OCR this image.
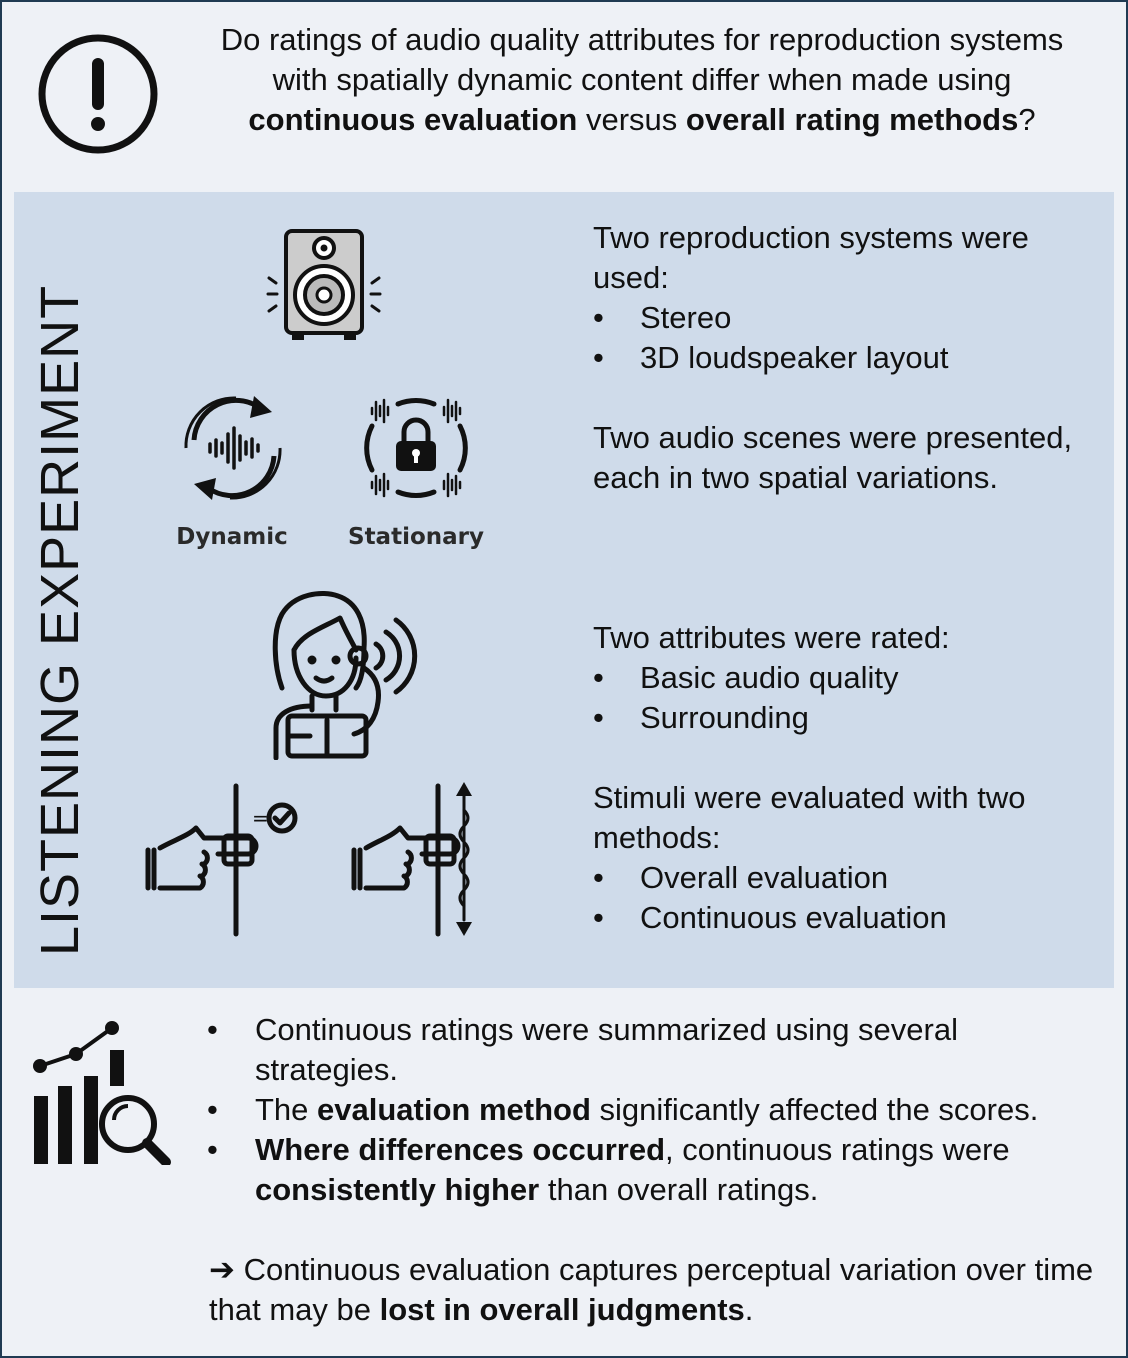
Do ratings of audio quality attributes for reproduction systems with spatially dynamic content differ when made using continuous evaluation versus overall rating methods?
Dynamic	Stationary
=
Two reproduction systems were used:
• Stereo
• 3D loudspeaker layout
Two audio scenes were presented, each in two spatial variations.
Two attributes were rated:
• Basic audio quality
• Surrounding
Stimuli were evaluated with two methods:
• Overall evaluation
• Continuous evaluation
LISTENING EXPERIMENT
• Continuous ratings were summarized using several strategies.
• The evaluation method significantly affected the scores.
• Where differences occurred, continuous ratings were consistently higher than overall ratings.
➔ Continuous evaluation captures perceptual variation over time that may be lost in overall judgments.
